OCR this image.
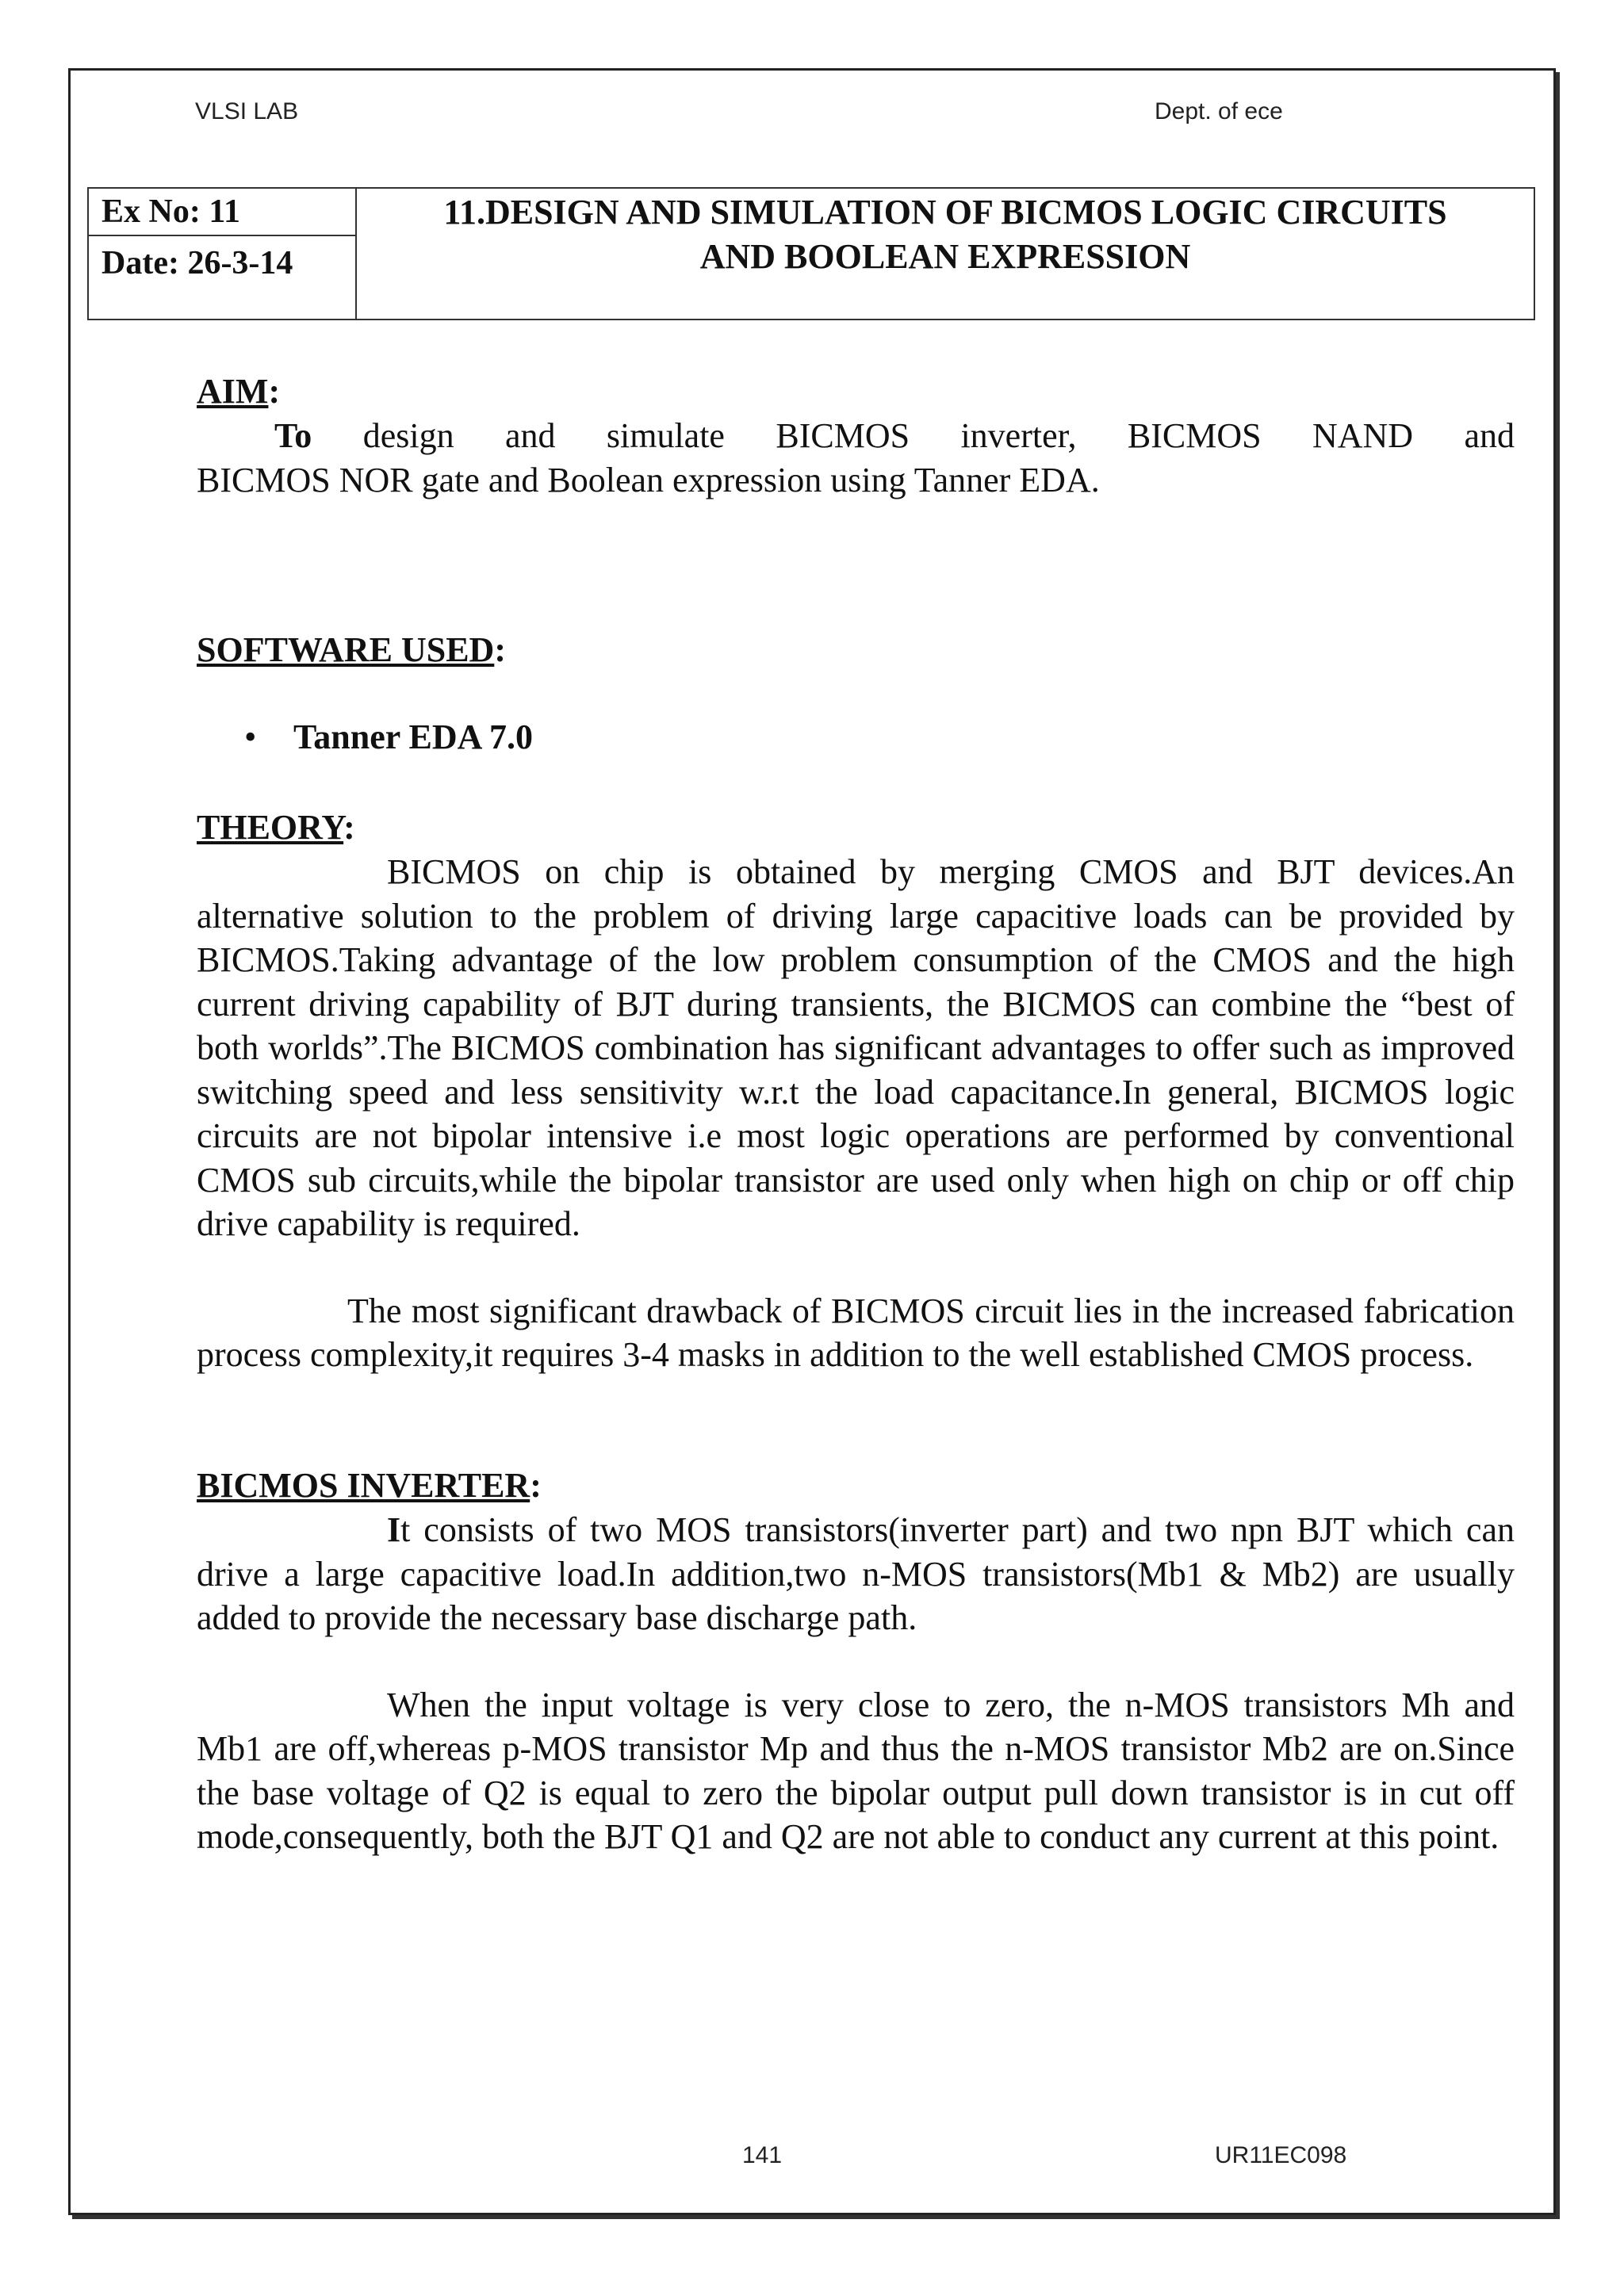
VLSI LAB	Dept. of ece
Ex No: 11
Date: 26-3-14
11.DESIGN AND SIMULATION OF BICMOS LOGIC CIRCUITS
AND BOOLEAN EXPRESSION

AIM:

To design and simulate BICMOS inverter, BICMOS NAND and

BICMOS NOR gate and Boolean expression using Tanner EDA.

SOFTWARE USED:

• Tanner EDA 7.0

THEORY:

BICMOS on chip is obtained by merging CMOS and BJT devices.An alternative solution to the problem of driving large capacitive loads can be provided by BICMOS.Taking advantage of the low problem consumption of the CMOS and the high current driving capability of BJT during transients, the BICMOS can combine the “best of both worlds”.The BICMOS combination has significant advantages to offer such as improved switching speed and less sensitivity w.r.t the load capacitance.In general, BICMOS logic circuits are not bipolar intensive i.e most logic operations are performed by conventional CMOS sub circuits,while the bipolar transistor are used only when high on chip or off chip drive capability is required.

The most significant drawback of BICMOS circuit lies in the increased fabrication process complexity,it requires 3-4 masks in addition to the well established CMOS process.

BICMOS INVERTER:

It consists of two MOS transistors(inverter part) and two npn BJT which can drive a large capacitive load.In addition,two n-MOS transistors(Mb1 & Mb2) are usually added to provide the necessary base discharge path.

When the input voltage is very close to zero, the n-MOS transistors Mh and Mb1 are off,whereas p-MOS transistor Mp and thus the n-MOS transistor Mb2 are on.Since the base voltage of Q2 is equal to zero the bipolar output pull down transistor is in cut off mode,consequently, both the BJT Q1 and Q2 are not able to conduct any current at this point.

141	UR11EC098
